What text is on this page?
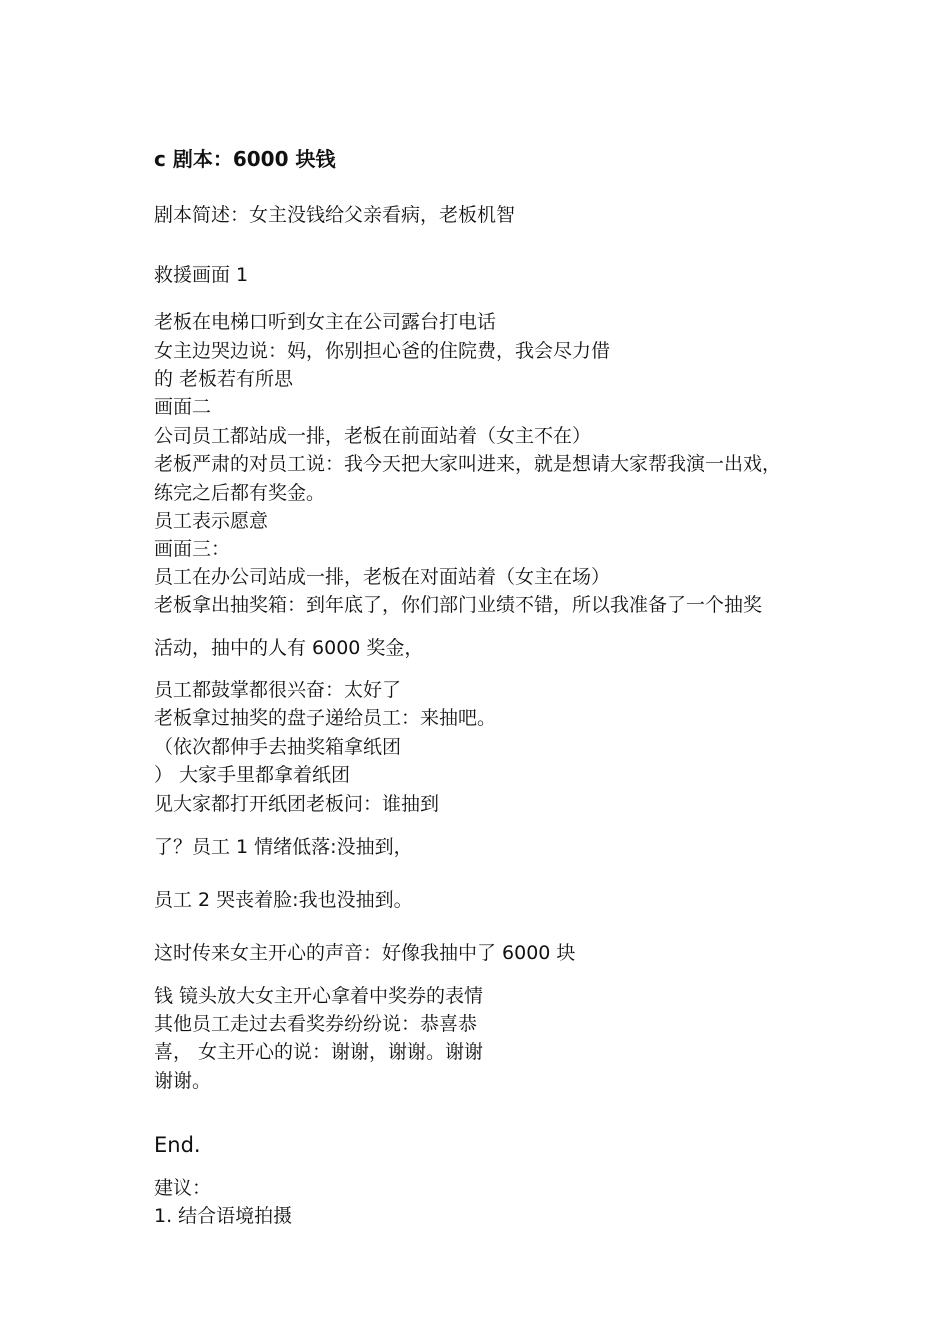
c 剧本：6000 块钱
剧本简述：女主没钱给父亲看病，老板机智
救援画面 1
老板在电梯口听到女主在公司露台打电话
女主边哭边说：妈，你别担心爸的住院费，我会尽力借
的 老板若有所思
画面二
公司员工都站成一排，老板在前面站着（女主不在）
老板严肃的对员工说：我今天把大家叫进来，就是想请大家帮我演一出戏，
练完之后都有奖金。
员工表示愿意
画面三：
员工在办公司站成一排，老板在对面站着（女主在场）
老板拿出抽奖箱：到年底了，你们部门业绩不错，所以我准备了一个抽奖
活动，抽中的人有 6000 奖金，
员工都鼓掌都很兴奋：太好了
老板拿过抽奖的盘子递给员工：来抽吧。
（依次都伸手去抽奖箱拿纸团
） 大家手里都拿着纸团
见大家都打开纸团老板问：谁抽到
了？员工 1 情绪低落:没抽到，
员工 2 哭丧着脸:我也没抽到。
这时传来女主开心的声音：好像我抽中了 6000 块
钱 镜头放大女主开心拿着中奖券的表情
其他员工走过去看奖券纷纷说：恭喜恭
喜， 女主开心的说：谢谢，谢谢。谢谢
谢谢。
End.
建议：
1. 结合语境拍摄
